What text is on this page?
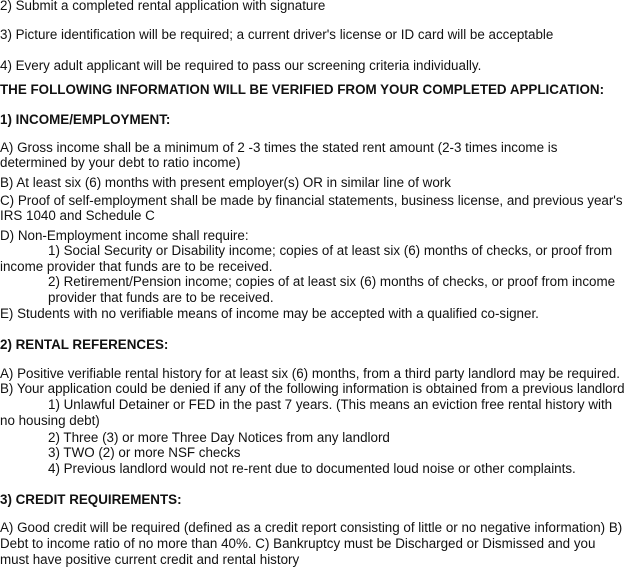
2) Submit a completed rental application with signature
3) Picture identification will be required; a current driver's license or ID card will be acceptable
4) Every adult applicant will be required to pass our screening criteria individually.
THE FOLLOWING INFORMATION WILL BE VERIFIED FROM YOUR COMPLETED APPLICATION:
1) INCOME/EMPLOYMENT:
A) Gross income shall be a minimum of 2 -3 times the stated rent amount (2-3 times income is
determined by your debt to ratio income)
B) At least six (6) months with present employer(s) OR in similar line of work
C) Proof of self-employment shall be made by financial statements, business license, and previous year's
IRS 1040 and Schedule C
D) Non-Employment income shall require:
1) Social Security or Disability income; copies of at least six (6) months of checks, or proof from
income provider that funds are to be received.
2) Retirement/Pension income; copies of at least six (6) months of checks, or proof from income
provider that funds are to be received.
E) Students with no verifiable means of income may be accepted with a qualified co-signer.
2) RENTAL REFERENCES:
A) Positive verifiable rental history for at least six (6) months, from a third party landlord may be required.
B) Your application could be denied if any of the following information is obtained from a previous landlord
1) Unlawful Detainer or FED in the past 7 years. (This means an eviction free rental history with
no housing debt)
2) Three (3) or more Three Day Notices from any landlord
3) TWO (2) or more NSF checks
4) Previous landlord would not re-rent due to documented loud noise or other complaints.
3) CREDIT REQUIREMENTS:
A) Good credit will be required (defined as a credit report consisting of little or no negative information) B)
Debt to income ratio of no more than 40%. C) Bankruptcy must be Discharged or Dismissed and you
must have positive current credit and rental history
